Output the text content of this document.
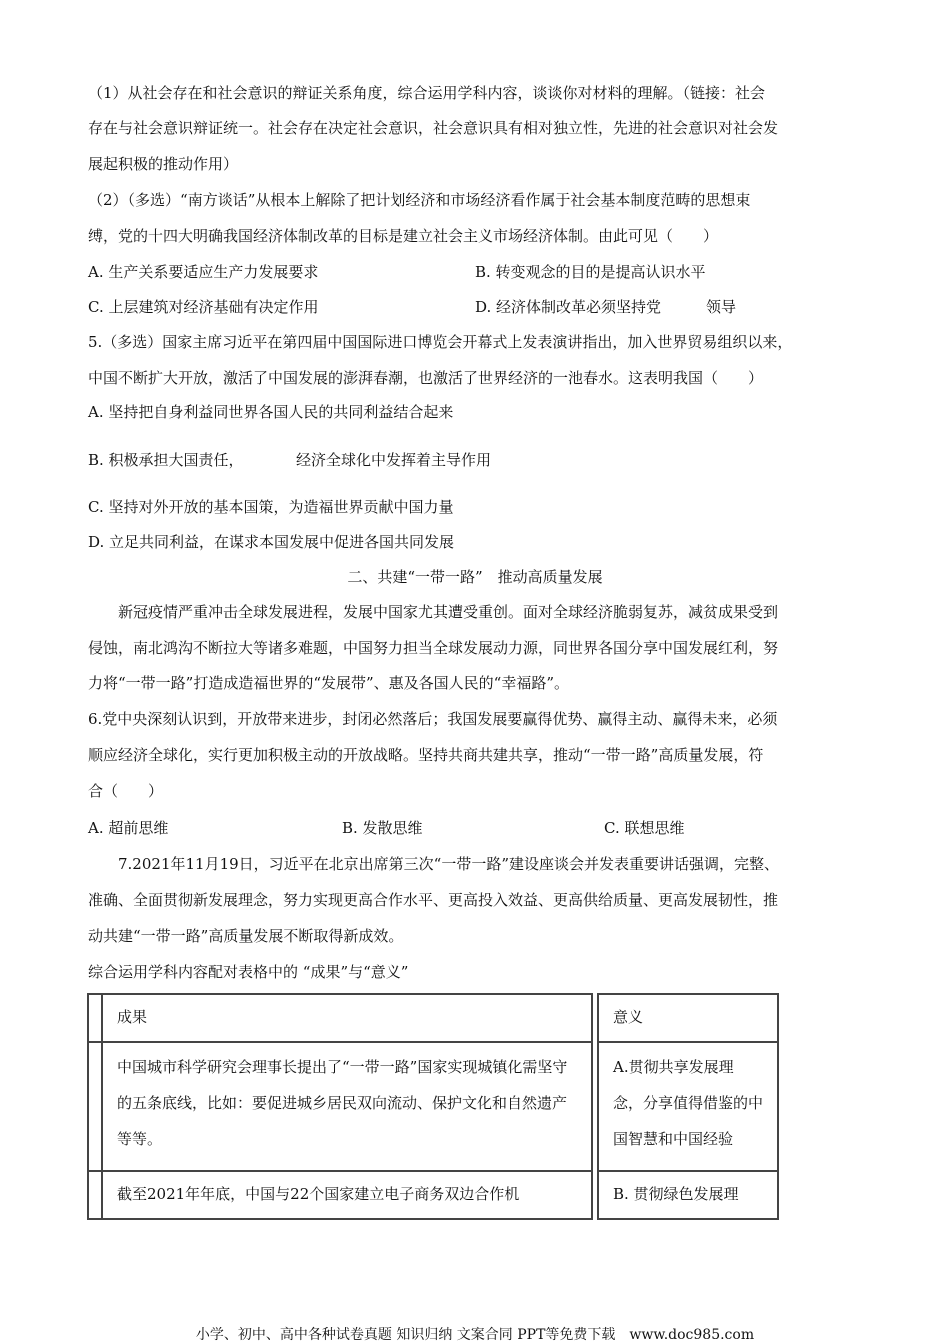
（1）从社会存在和社会意识的辩证关系角度，综合运用学科内容，谈谈你对材料的理解。（链接：社会
存在与社会意识辩证统一。社会存在决定社会意识，社会意识具有相对独立性，先进的社会意识对社会发
展起积极的推动作用）
（2）（多选）“南方谈话”从根本上解除了把计划经济和市场经济看作属于社会基本制度范畴的思想束
缚，党的十四大明确我国经济体制改革的目标是建立社会主义市场经济体制。由此可见（　　）
A. 生产关系要适应生产力发展要求	B. 转变观念的目的是提高认识水平
C. 上层建筑对经济基础有决定作用	D. 经济体制改革必须坚持党　　　领导
5.（多选）国家主席习近平在第四届中国国际进口博览会开幕式上发表演讲指出，加入世界贸易组织以来，
中国不断扩大开放，激活了中国发展的澎湃春潮，也激活了世界经济的一池春水。这表明我国（　　）
A. 坚持把自身利益同世界各国人民的共同利益结合起来
B. 积极承担大国责任，　　　　经济全球化中发挥着主导作用
C. 坚持对外开放的基本国策，为造福世界贡献中国力量
D. 立足共同利益，在谋求本国发展中促进各国共同发展
二、共建“一带一路”　推动高质量发展
新冠疫情严重冲击全球发展进程，发展中国家尤其遭受重创。面对全球经济脆弱复苏，减贫成果受到
侵蚀，南北鸿沟不断拉大等诸多难题，中国努力担当全球发展动力源，同世界各国分享中国发展红利，努
力将“一带一路”打造成造福世界的“发展带”、惠及各国人民的“幸福路”。
6.党中央深刻认识到，开放带来进步，封闭必然落后；我国发展要赢得优势、赢得主动、赢得未来，必须
顺应经济全球化，实行更加积极主动的开放战略。坚持共商共建共享，推动“一带一路”高质量发展，符
合（　　）
A. 超前思维	B. 发散思维	C. 联想思维
7.2021年11月19日，习近平在北京出席第三次“一带一路”建设座谈会并发表重要讲话强调，完整、
准确、全面贯彻新发展理念，努力实现更高合作水平、更高投入效益、更高供给质量、更高发展韧性，推
动共建“一带一路”高质量发展不断取得新成效。
综合运用学科内容配对表格中的 “成果”与“意义”
	成果		意义
	中国城市科学研究会理事长提出了“一带一路”国家实现城镇化需坚守的五条底线，比如：要促进城乡居民双向流动、保护文化和自然遗产等等。		A.贯彻共享发展理念，分享值得借鉴的中国智慧和中国经验
	截至2021年年底，中国与22个国家建立电子商务双边合作机		B. 贯彻绿色发展理
小学、初中、高中各种试卷真题 知识归纳 文案合同 PPT等免费下载　www.doc985.com
